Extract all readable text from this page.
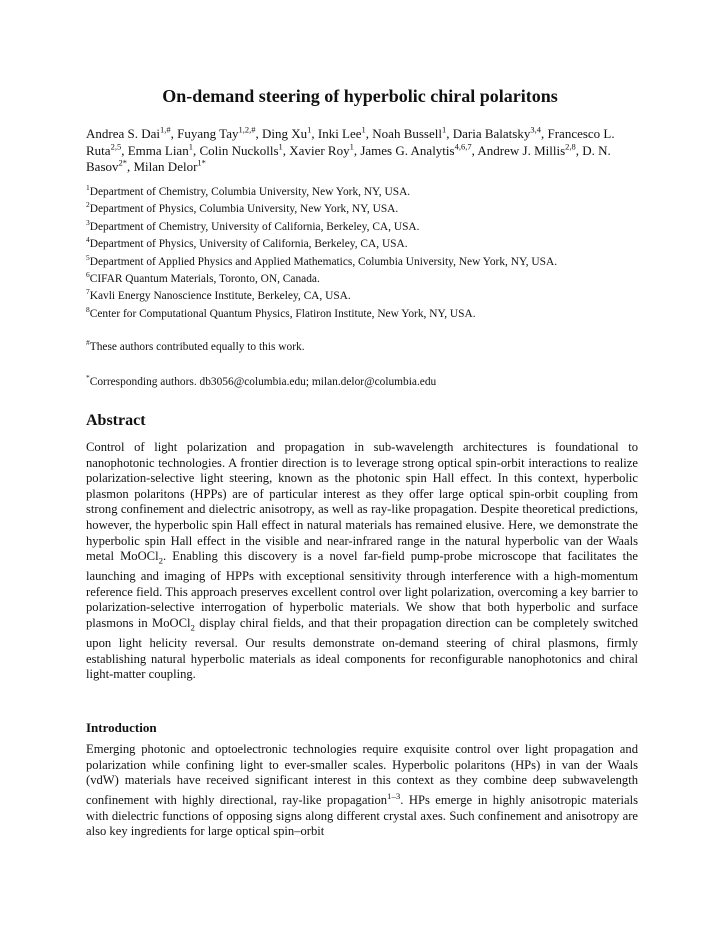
On-demand steering of hyperbolic chiral polaritons
Andrea S. Dai$^{1,\#}$, Fuyang Tay$^{1,2,\#}$, Ding Xu$^1$, Inki Lee$^1$, Noah Bussell$^1$, Daria Balatsky$^{3,4}$, Francesco L. Ruta$^{2,5}$, Emma Lian$^1$, Colin Nuckolls$^1$, Xavier Roy$^1$, James G. Analytis$^{4,6,7}$, Andrew J. Millis$^{2,8}$, D. N. Basov$^{2*}$, Milan Delor$^{1*}$
$^1$Department of Chemistry, Columbia University, New York, NY, USA.
$^2$Department of Physics, Columbia University, New York, NY, USA.
$^3$Department of Chemistry, University of California, Berkeley, CA, USA.
$^4$Department of Physics, University of California, Berkeley, CA, USA.
$^5$Department of Applied Physics and Applied Mathematics, Columbia University, New York, NY, USA.
$^6$CIFAR Quantum Materials, Toronto, ON, Canada.
$^7$Kavli Energy Nanoscience Institute, Berkeley, CA, USA.
$^8$Center for Computational Quantum Physics, Flatiron Institute, New York, NY, USA.
#These authors contributed equally to this work.
*Corresponding authors. db3056@columbia.edu; milan.delor@columbia.edu
Abstract

Control of light polarization and propagation in sub-wavelength architectures is foundational to nanophotonic technologies. A frontier direction is to leverage strong optical spin-orbit interactions to realize polarization-selective light steering, known as the photonic spin Hall effect. In this context, hyperbolic plasmon polaritons (HPPs) are of particular interest as they offer large optical spin-orbit coupling from strong confinement and dielectric anisotropy, as well as ray-like propagation. Despite theoretical predictions, however, the hyperbolic spin Hall effect in natural materials has remained elusive. Here, we demonstrate the hyperbolic spin Hall effect in the visible and near-infrared range in the natural hyperbolic van der Waals metal MoOCl$_2$. Enabling this discovery is a novel far-field pump-probe microscope that facilitates the launching and imaging of HPPs with exceptional sensitivity through interference with a high-momentum reference field. This approach preserves excellent control over light polarization, overcoming a key barrier to polarization-selective interrogation of hyperbolic materials. We show that both hyperbolic and surface plasmons in MoOCl$_2$ display chiral fields, and that their propagation direction can be completely switched upon light helicity reversal. Our results demonstrate on-demand steering of chiral plasmons, firmly establishing natural hyperbolic materials as ideal components for reconfigurable nanophotonics and chiral light-matter coupling.

Introduction

Emerging photonic and optoelectronic technologies require exquisite control over light propagation and polarization while confining light to ever-smaller scales. Hyperbolic polaritons (HPs) in van der Waals (vdW) materials have received significant interest in this context as they combine deep subwavelength confinement with highly directional, ray-like propagation$^{1-3}$. HPs emerge in highly anisotropic materials with dielectric functions of opposing signs along different crystal axes. Such confinement and anisotropy are also key ingredients for large optical spin–orbit
